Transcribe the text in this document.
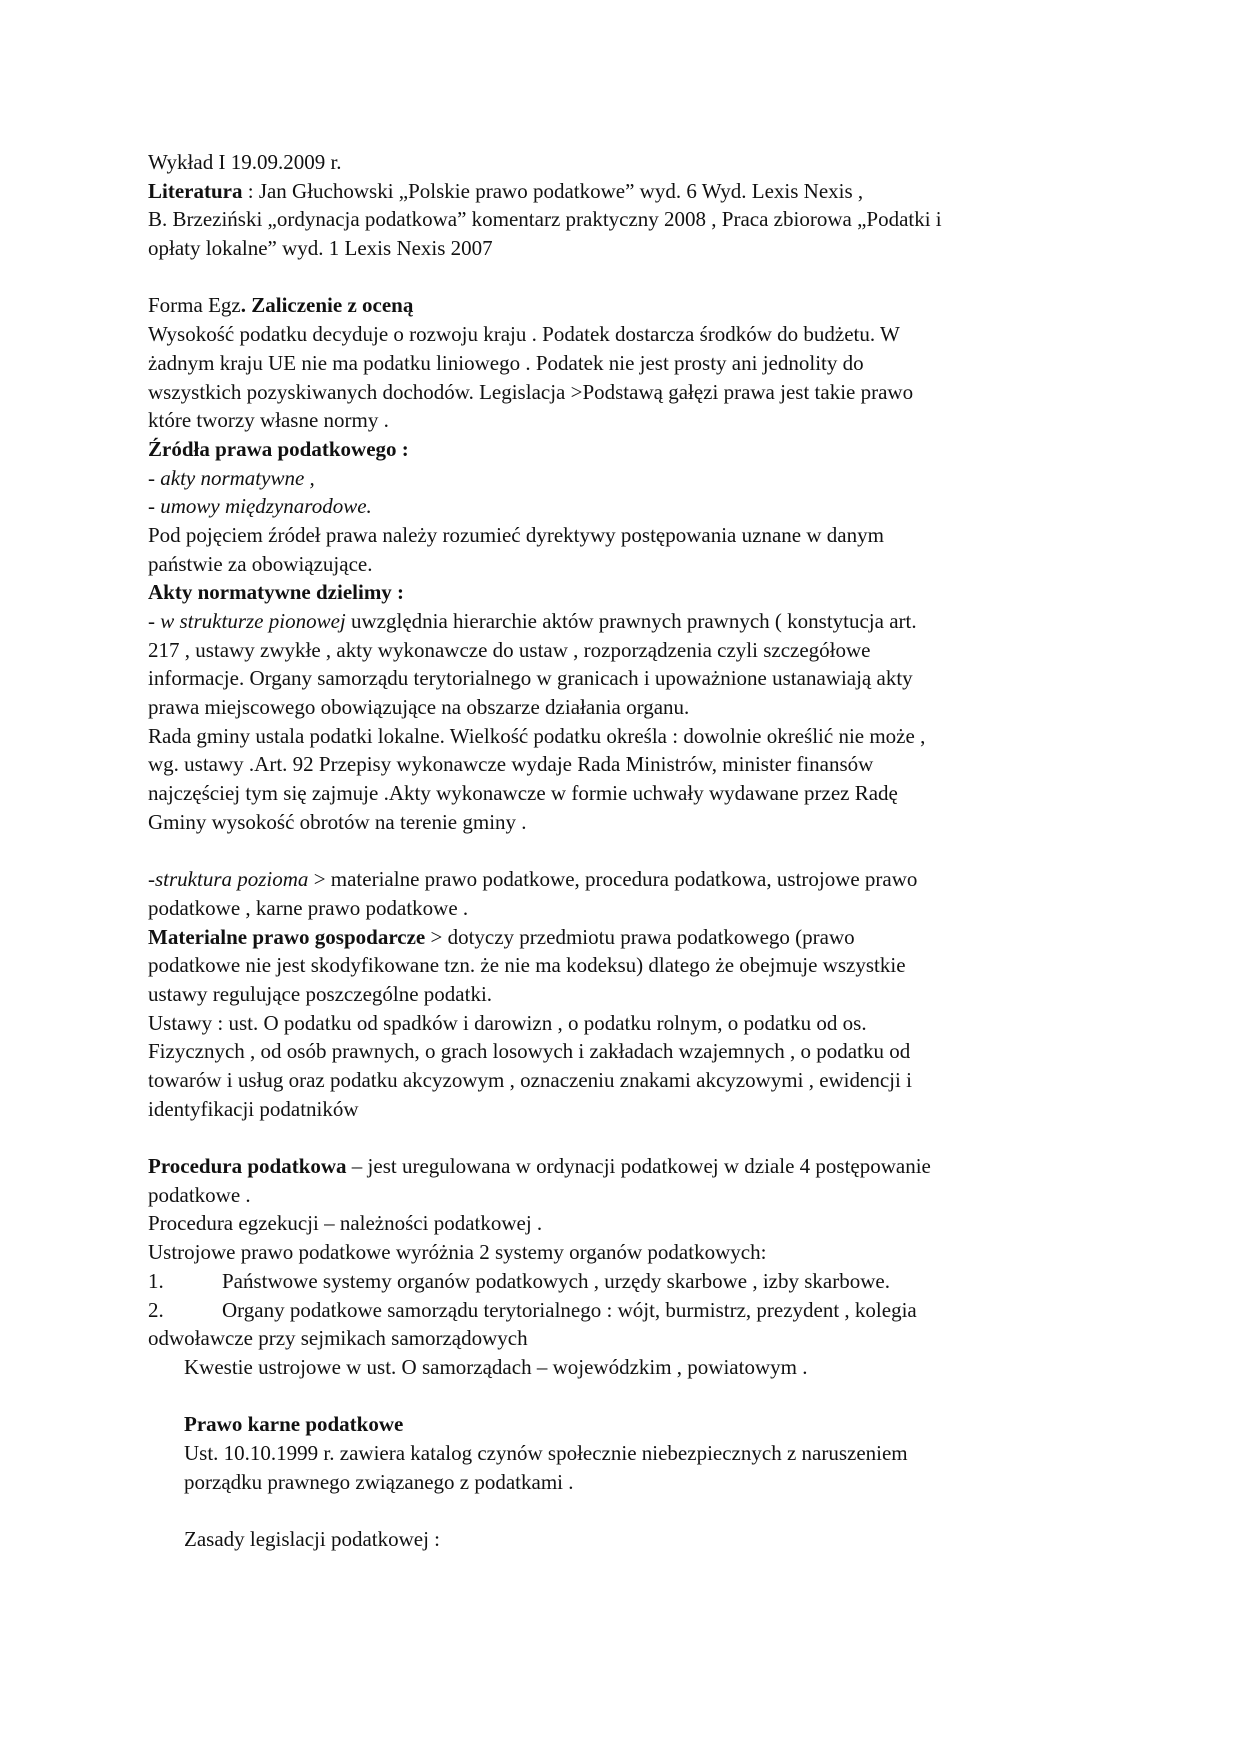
Wykład I 19.09.2009 r.
Literatura : Jan Głuchowski „Polskie prawo podatkowe” wyd. 6 Wyd. Lexis Nexis ,
B. Brzeziński „ordynacja podatkowa” komentarz praktyczny 2008 , Praca zbiorowa „Podatki i
opłaty lokalne” wyd. 1 Lexis Nexis 2007
Forma Egz. Zaliczenie z oceną
Wysokość podatku decyduje o rozwoju kraju . Podatek dostarcza środków do budżetu. W
żadnym kraju UE nie ma podatku liniowego . Podatek nie jest prosty ani jednolity do
wszystkich pozyskiwanych dochodów. Legislacja >Podstawą gałęzi prawa jest takie prawo
które tworzy własne normy .
Źródła prawa podatkowego :
- akty normatywne ,
- umowy międzynarodowe.
Pod pojęciem źródeł prawa należy rozumieć dyrektywy postępowania uznane w danym
państwie za obowiązujące.
Akty normatywne dzielimy :
- w strukturze pionowej uwzględnia hierarchie aktów prawnych prawnych ( konstytucja art.
217 , ustawy zwykłe , akty wykonawcze do ustaw , rozporządzenia czyli szczegółowe
informacje. Organy samorządu terytorialnego w granicach i upoważnione ustanawiają akty
prawa miejscowego obowiązujące na obszarze działania organu.
Rada gminy ustala podatki lokalne. Wielkość podatku określa : dowolnie określić nie może ,
wg. ustawy .Art. 92 Przepisy wykonawcze wydaje Rada Ministrów, minister finansów
najczęściej tym się zajmuje .Akty wykonawcze w formie uchwały wydawane przez Radę
Gminy wysokość obrotów na terenie gminy .
-struktura pozioma > materialne prawo podatkowe, procedura podatkowa, ustrojowe prawo
podatkowe , karne prawo podatkowe .
Materialne prawo gospodarcze > dotyczy przedmiotu prawa podatkowego (prawo
podatkowe nie jest skodyfikowane tzn. że nie ma kodeksu) dlatego że obejmuje wszystkie
ustawy regulujące poszczególne podatki.
Ustawy : ust. O podatku od spadków i darowizn , o podatku rolnym, o podatku od os.
Fizycznych , od osób prawnych, o grach losowych i zakładach wzajemnych , o podatku od
towarów i usług oraz podatku akcyzowym , oznaczeniu znakami akcyzowymi , ewidencji i
identyfikacji podatników
Procedura podatkowa – jest uregulowana w ordynacji podatkowej w dziale 4 postępowanie
podatkowe .
Procedura egzekucji – należności podatkowej .
Ustrojowe prawo podatkowe wyróżnia 2 systemy organów podatkowych:
1.	Państwowe systemy organów podatkowych , urzędy skarbowe , izby skarbowe.
2.	Organy podatkowe samorządu terytorialnego : wójt, burmistrz, prezydent , kolegia
odwoławcze przy sejmikach samorządowych
Kwestie ustrojowe w ust. O samorządach – wojewódzkim , powiatowym .
Prawo karne podatkowe
Ust. 10.10.1999 r. zawiera katalog czynów społecznie niebezpiecznych z naruszeniem
porządku prawnego związanego z podatkami .
Zasady legislacji podatkowej :
